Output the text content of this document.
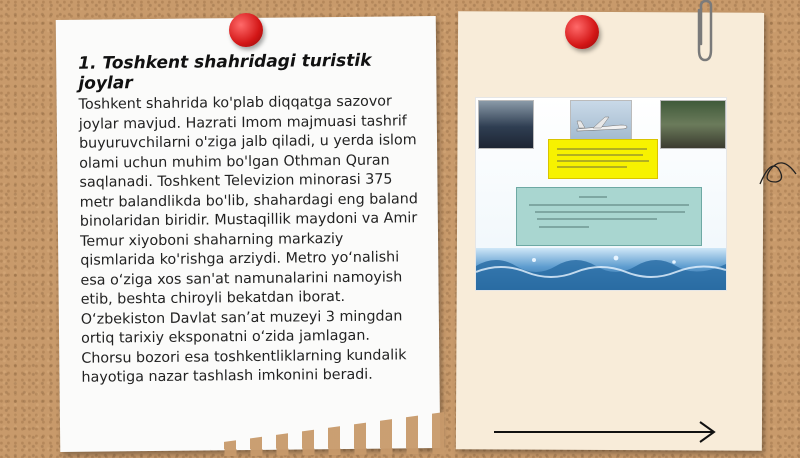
1. Toshkent shahridagi turistik joylar

Toshkent shahrida ko'plab diqqatga sazovor joylar mavjud. Hazrati Imom majmuasi tashrif buyuruvchilarni o'ziga jalb qiladi, u yerda islom olami uchun muhim bo'lgan Othman Quran saqlanadi. Toshkent Televizion minorasi 375 metr balandlikda bo'lib, shahardagi eng baland binolaridan biridir. Mustaqillik maydoni va Amir Temur xiyoboni shaharning markaziy qismlarida ko'rishga arziydi. Metro yo‘nalishi esa o‘ziga xos san'at namunalarini namoyish etib, beshta chiroyli bekatdan iborat. O‘zbekiston Davlat san’at muzeyi 3 mingdan ortiq tarixiy eksponatni o‘zida jamlagan. Chorsu bozori esa toshkentliklarning kundalik hayotiga nazar tashlash imkonini beradi.
